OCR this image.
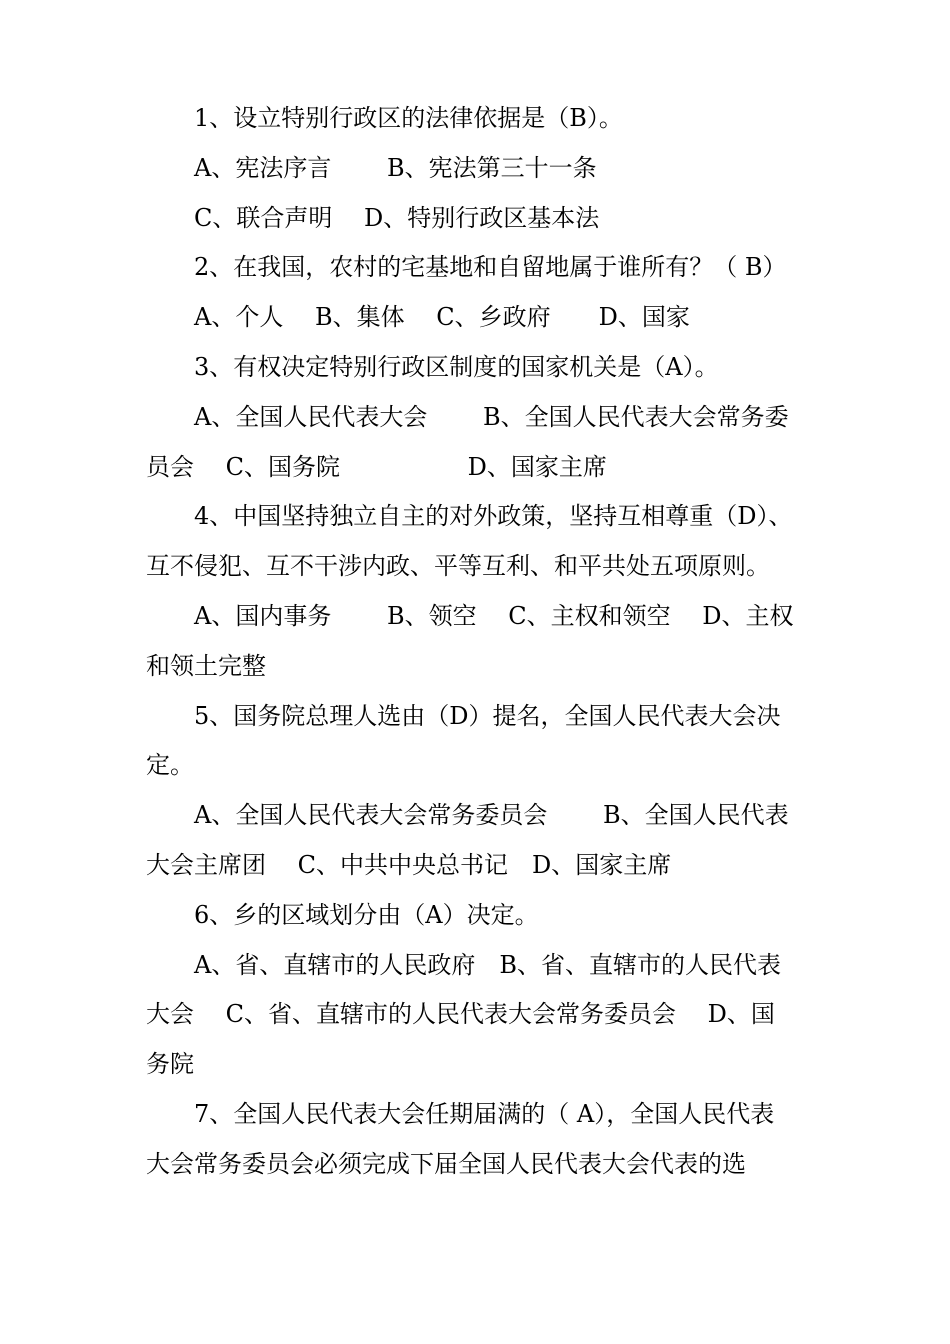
1、设立特别行政区的法律依据是（B）。
A、宪法序言　　 B、宪法第三十一条
C、联合声明　 D、特别行政区基本法
2、在我国，农村的宅基地和自留地属于谁所有？（ B）
A、个人　 B、集体　 C、乡政府　　D、国家
3、有权决定特别行政区制度的国家机关是（A）。
A、全国人民代表大会　　 B、全国人民代表大会常务委
员会　 C、国务院　　　　　 D、国家主席
4、中国坚持独立自主的对外政策，坚持互相尊重（D）、
互不侵犯、互不干涉内政、平等互利、和平共处五项原则。
A、国内事务　　 B、领空　 C、主权和领空　 D、主权
和领土完整
5、国务院总理人选由（D）提名，全国人民代表大会决
定。
A、全国人民代表大会常务委员会　　 B、全国人民代表
大会主席团　 C、中共中央总书记　D、国家主席
6、乡的区域划分由（A）决定。
A、省、直辖市的人民政府　B、省、直辖市的人民代表
大会　 C、省、直辖市的人民代表大会常务委员会　 D、国
务院
7、全国人民代表大会任期届满的（ A），全国人民代表
大会常务委员会必须完成下届全国人民代表大会代表的选
